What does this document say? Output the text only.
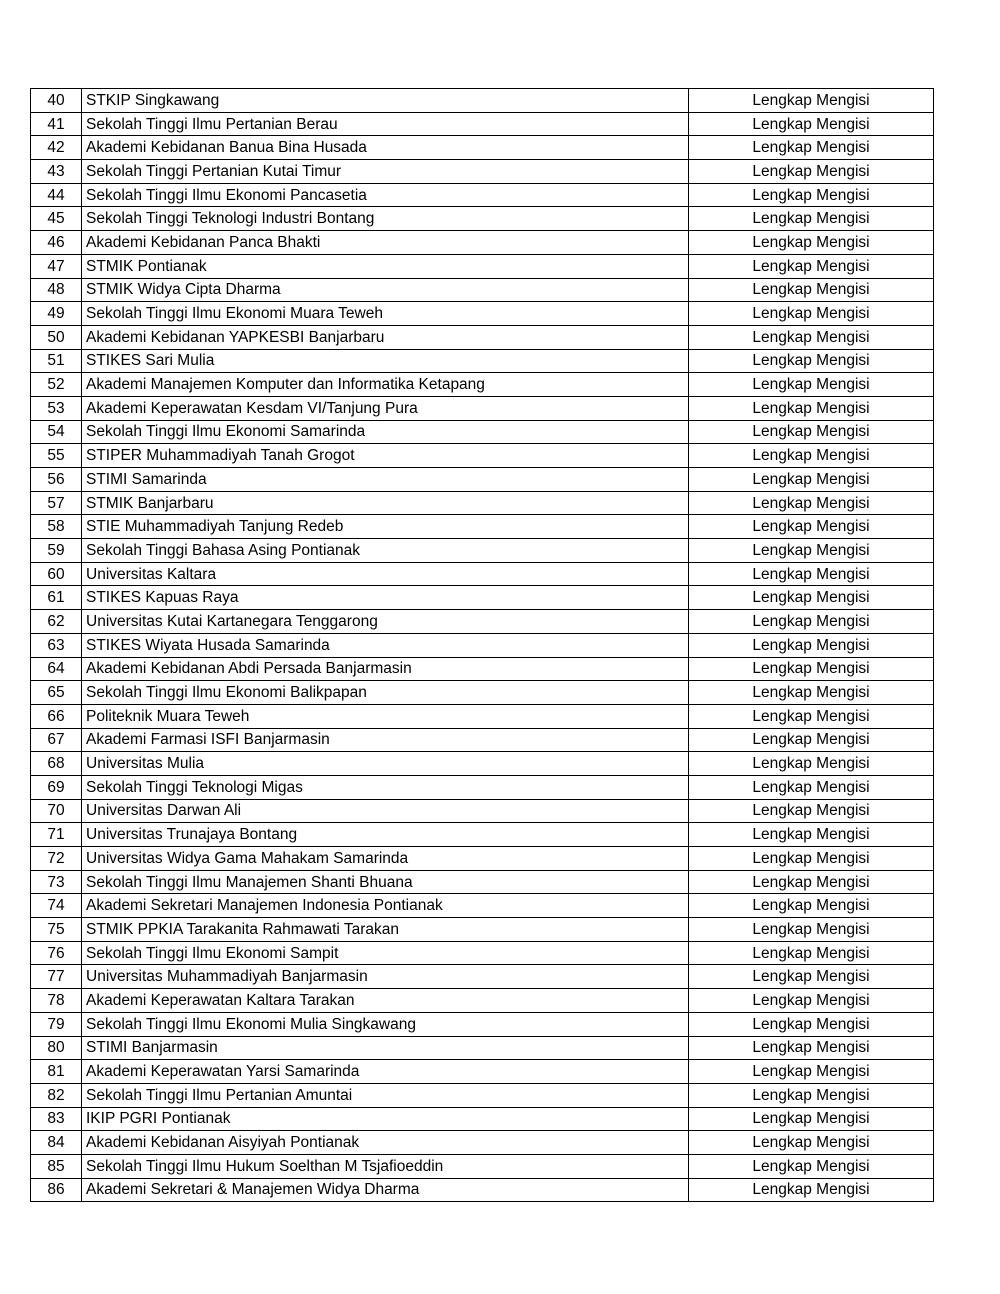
40	STKIP Singkawang	Lengkap Mengisi
41	Sekolah Tinggi Ilmu Pertanian Berau	Lengkap Mengisi
42	Akademi Kebidanan Banua Bina Husada	Lengkap Mengisi
43	Sekolah Tinggi Pertanian Kutai Timur	Lengkap Mengisi
44	Sekolah Tinggi Ilmu Ekonomi Pancasetia	Lengkap Mengisi
45	Sekolah Tinggi Teknologi Industri Bontang	Lengkap Mengisi
46	Akademi Kebidanan Panca Bhakti	Lengkap Mengisi
47	STMIK Pontianak	Lengkap Mengisi
48	STMIK Widya Cipta Dharma	Lengkap Mengisi
49	Sekolah Tinggi Ilmu Ekonomi Muara Teweh	Lengkap Mengisi
50	Akademi Kebidanan YAPKESBI Banjarbaru	Lengkap Mengisi
51	STIKES Sari Mulia	Lengkap Mengisi
52	Akademi Manajemen Komputer dan Informatika Ketapang	Lengkap Mengisi
53	Akademi Keperawatan Kesdam VI/Tanjung Pura	Lengkap Mengisi
54	Sekolah Tinggi Ilmu Ekonomi Samarinda	Lengkap Mengisi
55	STIPER Muhammadiyah Tanah Grogot	Lengkap Mengisi
56	STIMI Samarinda	Lengkap Mengisi
57	STMIK Banjarbaru	Lengkap Mengisi
58	STIE Muhammadiyah Tanjung Redeb	Lengkap Mengisi
59	Sekolah Tinggi Bahasa Asing Pontianak	Lengkap Mengisi
60	Universitas Kaltara	Lengkap Mengisi
61	STIKES Kapuas Raya	Lengkap Mengisi
62	Universitas Kutai Kartanegara Tenggarong	Lengkap Mengisi
63	STIKES Wiyata Husada Samarinda	Lengkap Mengisi
64	Akademi Kebidanan Abdi Persada Banjarmasin	Lengkap Mengisi
65	Sekolah Tinggi Ilmu Ekonomi Balikpapan	Lengkap Mengisi
66	Politeknik Muara Teweh	Lengkap Mengisi
67	Akademi Farmasi ISFI Banjarmasin	Lengkap Mengisi
68	Universitas Mulia	Lengkap Mengisi
69	Sekolah Tinggi Teknologi Migas	Lengkap Mengisi
70	Universitas Darwan Ali	Lengkap Mengisi
71	Universitas Trunajaya Bontang	Lengkap Mengisi
72	Universitas Widya Gama Mahakam Samarinda	Lengkap Mengisi
73	Sekolah Tinggi Ilmu Manajemen Shanti Bhuana	Lengkap Mengisi
74	Akademi Sekretari Manajemen Indonesia Pontianak	Lengkap Mengisi
75	STMIK PPKIA Tarakanita Rahmawati Tarakan	Lengkap Mengisi
76	Sekolah Tinggi Ilmu Ekonomi Sampit	Lengkap Mengisi
77	Universitas Muhammadiyah Banjarmasin	Lengkap Mengisi
78	Akademi Keperawatan Kaltara Tarakan	Lengkap Mengisi
79	Sekolah Tinggi Ilmu Ekonomi Mulia Singkawang	Lengkap Mengisi
80	STIMI Banjarmasin	Lengkap Mengisi
81	Akademi Keperawatan Yarsi Samarinda	Lengkap Mengisi
82	Sekolah Tinggi Ilmu Pertanian Amuntai	Lengkap Mengisi
83	IKIP PGRI Pontianak	Lengkap Mengisi
84	Akademi Kebidanan Aisyiyah Pontianak	Lengkap Mengisi
85	Sekolah Tinggi Ilmu Hukum Soelthan M Tsjafioeddin	Lengkap Mengisi
86	Akademi Sekretari & Manajemen Widya Dharma	Lengkap Mengisi
